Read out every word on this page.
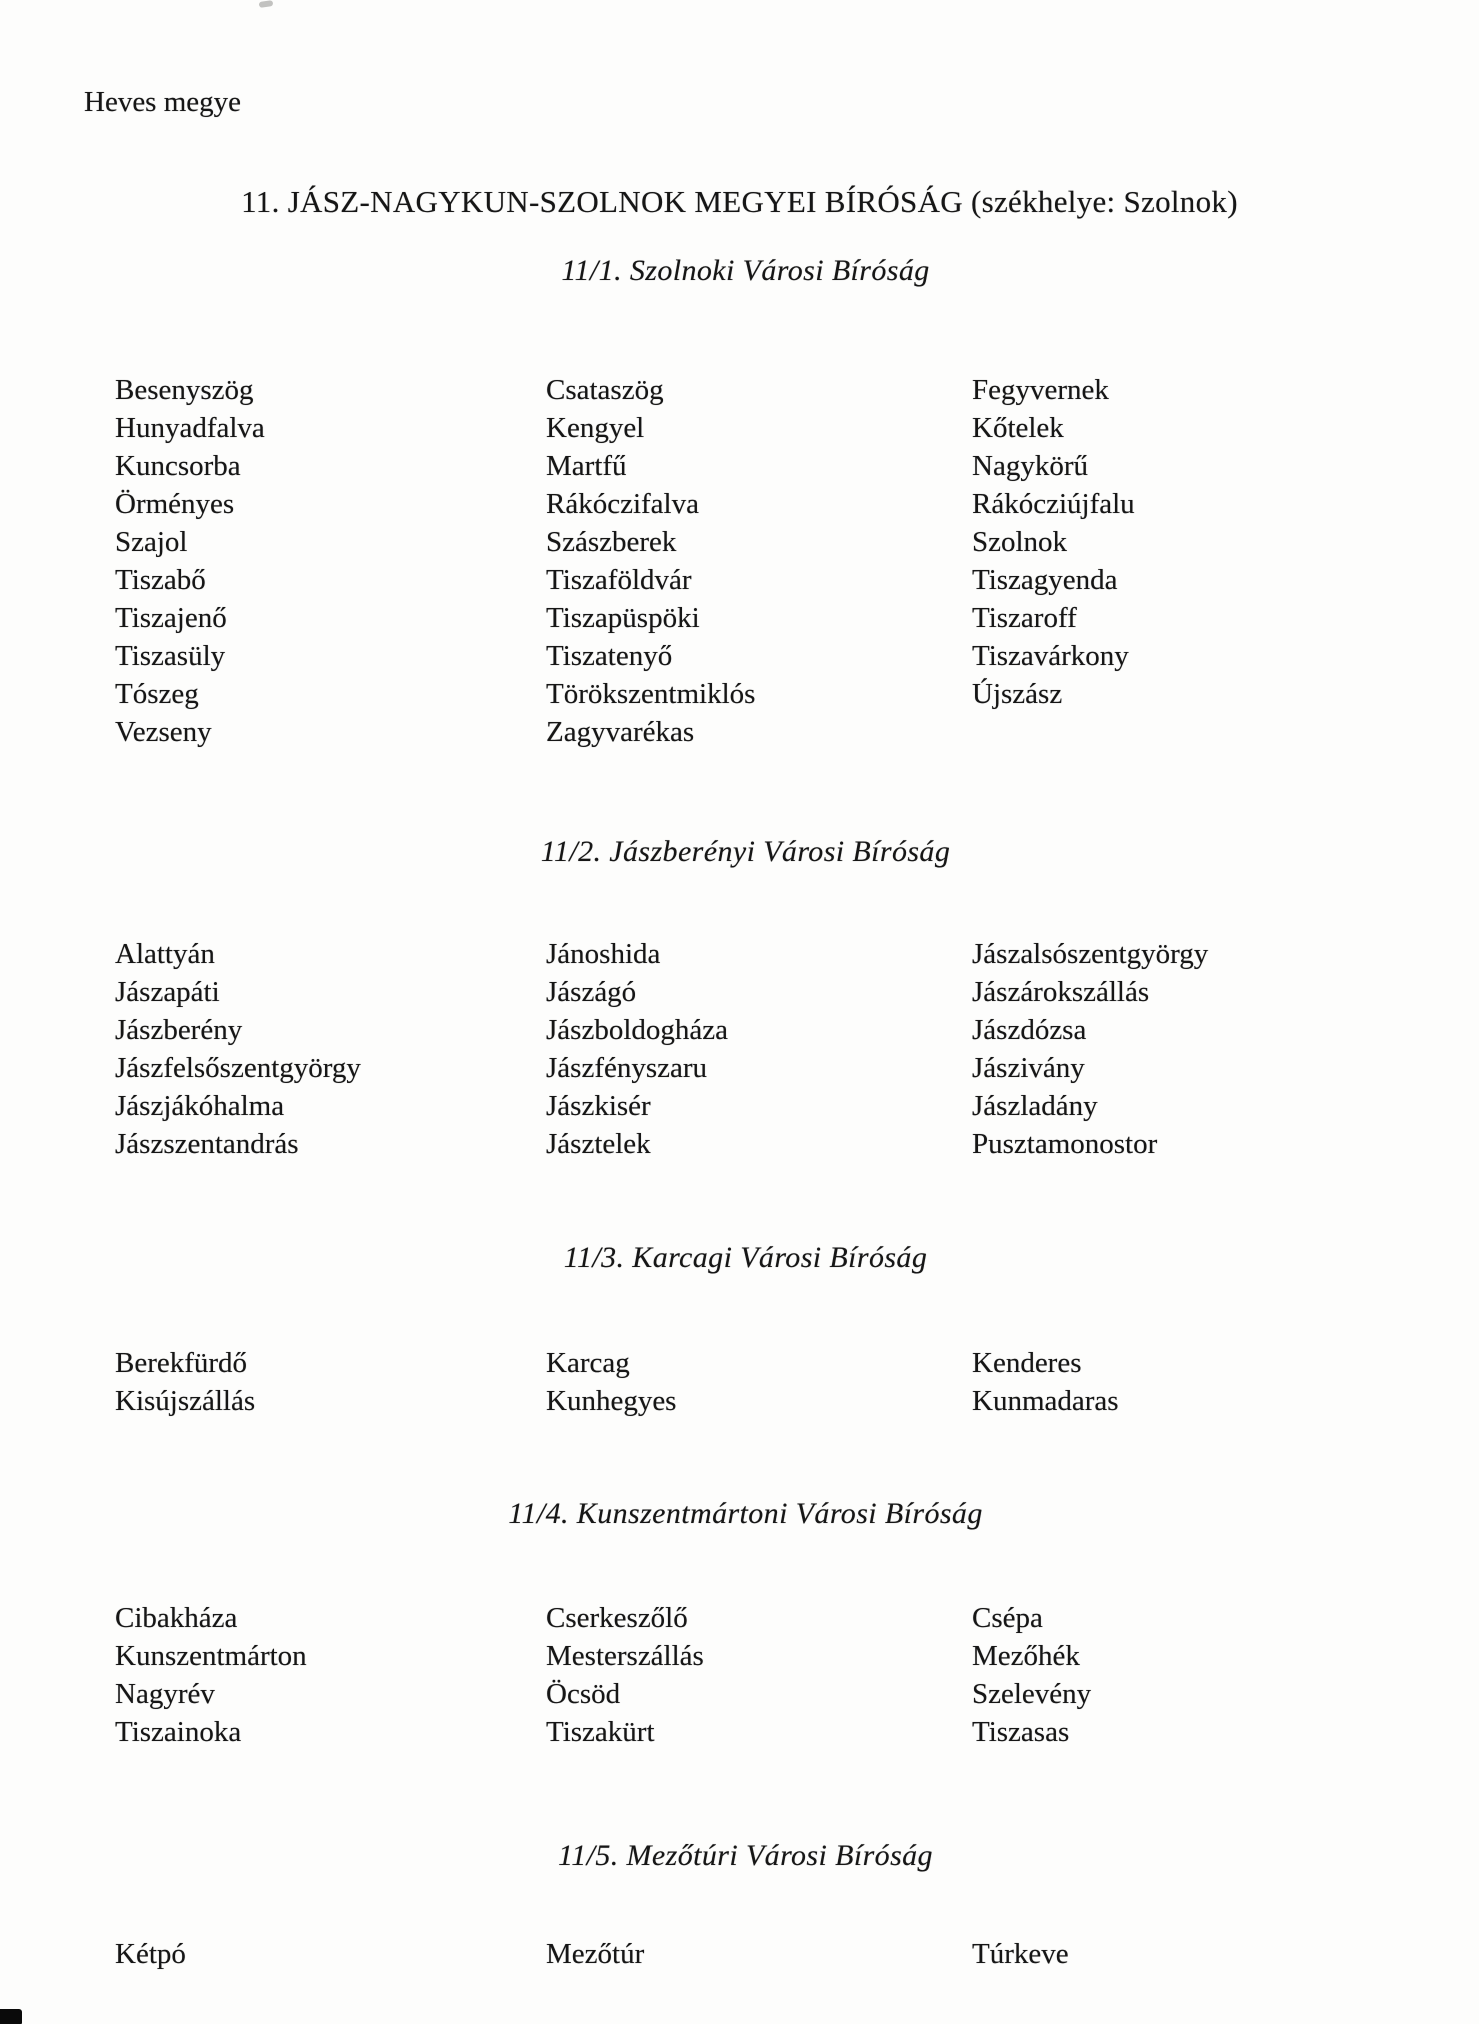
Heves megye
11. JÁSZ-NAGYKUN-SZOLNOK MEGYEI BÍRÓSÁG (székhelye: Szolnok)
11/1. Szolnoki Városi Bíróság
Besenyszög
Hunyadfalva
Kuncsorba
Örményes
Szajol
Tiszabő
Tiszajenő
Tiszasüly
Tószeg
Vezseny
Csataszög
Kengyel
Martfű
Rákóczifalva
Szászberek
Tiszaföldvár
Tiszapüspöki
Tiszatenyő
Törökszentmiklós
Zagyvarékas
Fegyvernek
Kőtelek
Nagykörű
Rákócziújfalu
Szolnok
Tiszagyenda
Tiszaroff
Tiszavárkony
Újszász
11/2. Jászberényi Városi Bíróság
Alattyán
Jászapáti
Jászberény
Jászfelsőszentgyörgy
Jászjákóhalma
Jászszentandrás
Jánoshida
Jászágó
Jászboldogháza
Jászfényszaru
Jászkisér
Jásztelek
Jászalsószentgyörgy
Jászárokszállás
Jászdózsa
Jászivány
Jászladány
Pusztamonostor
11/3. Karcagi Városi Bíróság
Berekfürdő
Kisújszállás
Karcag
Kunhegyes
Kenderes
Kunmadaras
11/4. Kunszentmártoni Városi Bíróság
Cibakháza
Kunszentmárton
Nagyrév
Tiszainoka
Cserkeszőlő
Mesterszállás
Öcsöd
Tiszakürt
Csépa
Mezőhék
Szelevény
Tiszasas
11/5. Mezőtúri Városi Bíróság
Kétpó	Mezőtúr	Túrkeve
